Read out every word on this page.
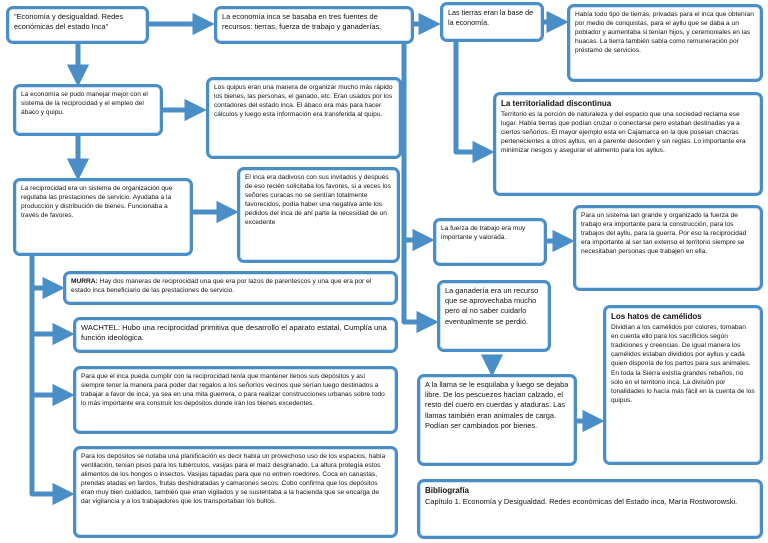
"Economía y desigualdad. Redes económicas del estado Inca"
La economía inca se basaba en tres fuentes de recursos: tierras, fuerza de trabajo y ganaderías.
Las tierras eran la base de la economía.
Había todo tipo de tierras, privadas para el inca que obtenían por medio de conquistas, para el ayllu que se daba a un poblador y aumentaba si tenían hijos, y ceremoniales en las huacas. La tierra también sabía como remuneración por préstamo de servicios.
La territorialidad discontinua
Territorio es la porción de naturaleza y del espacio que una sociedad reclama ese lugar. Había tierras que podían cruzar o conectarse pero estaban destinadas ya a ciertos señoríos. El mayor ejemplo esta en Cajamarca en la que poseían chacras pertenecientes a otros ayllus, en a parente desorden y sin reglas. Lo importante era minimizar riesgos y asegurar el alimento para los ayllus.
La economía se pudo manejar mejor con el sistema de la reciprocidad y el empleo del ábaco y quipu.
Los quipus eran una manera de organizar mucho más rápido los bienes, las personas, el ganado, etc. Eran usados por los contadores del estado inca. El ábaco era más para hacer cálculos y luego esta información era transferida al quipu.
La reciprocidad era un sistema de organización que regulaba las prestaciones de servicio. Ayudaba a la producción y distribución de bienes. Funcionaba a través de favores.
El inca era dadivoso con sus invitados y después de eso recién solicitaba los favores, si a veces los señores curacas no se sentían totalmente favorecidos, podía haber una negativa ante los pedidos del inca de ahí parte la necesidad de un excedente
La fuerza de trabajo era muy importante y valorada.
Para un sistema tan grande y organizado la fuerza de trabajo era importante para la construcción, para los trabajos del ayllu, para la guerra. Por eso la reciprocidad era importante al ser tan extenso el territorio siempre se necesitaban personas que trabajen en ella.
MURRA: Hay dos maneras de reciprocidad una que era por lazos de parentescos y una que era por el estado inca beneficiario de las prestaciones de servicio.	La ganadería era un recurso que se aprovechaba mucho pero al no saber cuidarlo eventualmente se perdió.
WACHTEL: Hubo una reciprocidad primitiva que desarrollo el aparato estatal, Cumplía una función ideológica.
Los hatos de camélidos
Dividían a los camélidos por colores, tomaban en cuenta ello para los sacrificios según tradiciones y creencias. De igual manera los camélidos estaban divididos por ayllus y cada quien disponía de los partos para sus animales. En toda la Sierra existía grandes rebaños, no solo en el territorio inca. La división por tonalidades lo hacía más fácil en la cuenta de los quipus.
Para que el inca pueda cumplir con la reciprocidad tenía que mantener llenos sus depósitos y así siempre tener la manera para poder dar regalos a los señoríos vecinos que serían luego destinados a trabajar a favor de inca, ya sea en una mita guerrera, o para realizar construcciones urbanas sobre todo lo más importante era construir los depósitos donde irán los bienes excedentes.
A la llama se le esquilaba y luego se dejaba libre. De los pescuezos hacían calzado, el resto del cuero en cuerdas y ataduras. Las llamas también eran animales de carga. Podían ser cambiados por bienes.
Para los depósitos se notaba una planificación es decir había un provechoso uso de los espacios, había ventilación, tenían pisos para los tubérculos, vasijas para el maíz desgranado. La altura protegía estos alimentos de los hongos o insectos. Vasijas tapadas para que no entren roedores. Coca en canastas, prendas atadas en fardos, frutas deshidratadas y camarones secos. Cobo confirma que los depósitos eran muy bien cuidados, también que eran vigilados y se sustentaba a la hacienda que se encarga de dar vigilancia y a los trabajadores que los transportaban los bultos.
Bibliografía
Capítulo 1. Economía y Desigualdad. Redes económicas del Estado inca, María Rostworowski.
